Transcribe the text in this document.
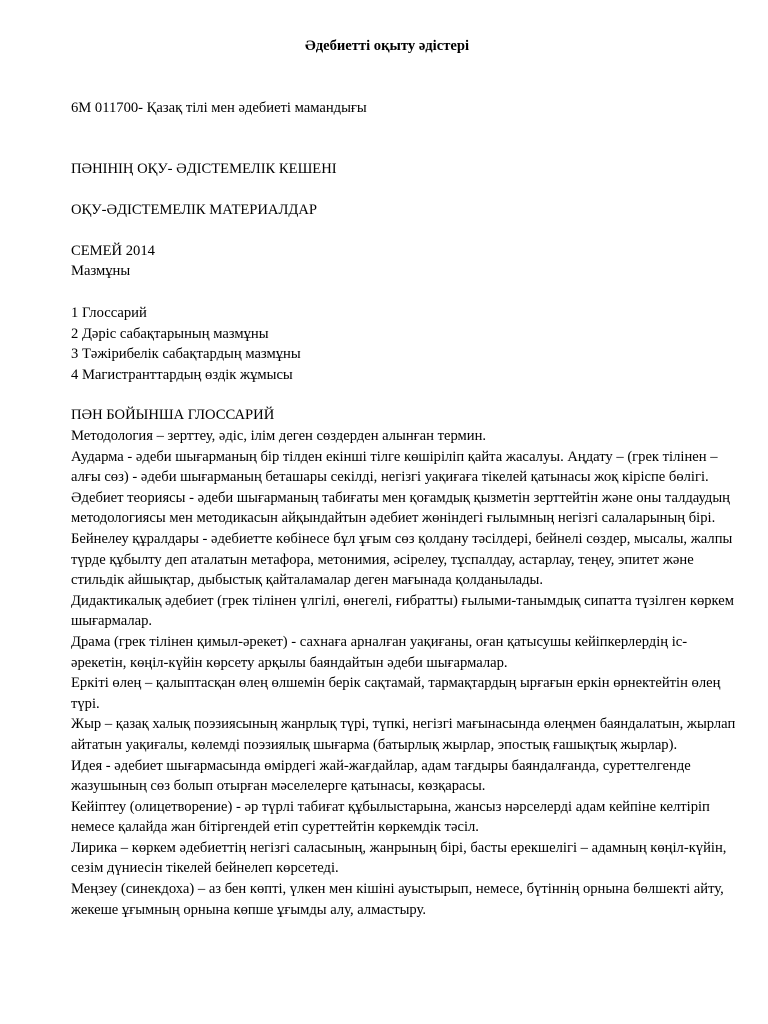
Әдебиетті оқыту әдістері
6М 011700- Қазақ тілі мен әдебиеті мамандығы
ПӘНІНІҢ ОҚУ- ӘДІСТЕМЕЛІК КЕШЕНІ
ОҚУ-ӘДІСТЕМЕЛІК МАТЕРИАЛДАР
СЕМЕЙ 2014
Мазмұны

1 Глоссарий

2 Дәріс сабақтарының мазмұны

3 Тәжірибелік сабақтардың мазмұны

4 Магистранттардың өздік жұмысы

ПӘН БОЙЫНША ГЛОССАРИЙ

Методология – зерттеу, әдіс, ілім деген сөздерден алынған термин.

Аударма - әдеби шығарманың бір тілден екінші тілге көшіріліп қайта жасалуы. Аңдату – (грек тілінен – алғы сөз) - әдеби шығарманың беташары секілді, негізгі уақиғаға тікелей қатынасы жоқ кіріспе бөлігі.

Әдебиет теориясы - әдеби шығарманың табиғаты мен қоғамдық қызметін зерттейтін және оны талдаудың методологиясы мен методикасын айқындайтын әдебиет жөніндегі ғылымның негізгі салаларының бірі.

Бейнелеу құралдары - әдебиетте көбінесе бұл ұғым сөз қолдану тәсілдері, бейнелі сөздер, мысалы, жалпы түрде құбылту деп аталатын метафора, метонимия, әсірелеу, тұспалдау, астарлау, теңеу, эпитет және стильдік айшықтар, дыбыстық қайталамалар деген мағынада қолданылады.

Дидактикалық әдебиет (грек тілінен үлгілі, өнегелі, ғибратты) ғылыми-танымдық сипатта түзілген көркем шығармалар.

Драма (грек тілінен қимыл-әрекет) - сахнаға арналған уақиғаны, оған қатысушы кейіпкерлердің іс-әрекетін, көңіл-күйін көрсету арқылы баяндайтын әдеби шығармалар.

Еркіті өлең – қалыптасқан өлең өлшемін берік сақтамай, тармақтардың ырғағын еркін өрнектейтін өлең түрі.

Жыр – қазақ халық поэзиясының жанрлық түрі, түпкі, негізгі мағынасында өлеңмен баяндалатын, жырлап айтатын уақиғалы, көлемді поэзиялық шығарма (батырлық жырлар, эпостық ғашықтық жырлар).

Идея - әдебиет шығармасында өмірдегі жай-жағдайлар, адам тағдыры баяндалғанда, суреттелгенде жазушының сөз болып отырған мәселелерге қатынасы, көзқарасы.

Кейіптеу (олицетворение) - әр түрлі табиғат құбылыстарына, жансыз нәрселерді адам кейпіне келтіріп немесе қалайда жан бітіргендей етіп суреттейтін көркемдік тәсіл.

Лирика – көркем әдебиеттің негізгі саласының, жанрының бірі, басты ерекшелігі – адамның көңіл-күйін, сезім дүниесін тікелей бейнелеп көрсетеді.

Меңзеу (синекдоха) – аз бен көпті, үлкен мен кішіні ауыстырып, немесе, бүтіннің орнына бөлшекті айту, жекеше ұғымның орнына көпше ұғымды алу, алмастыру.
